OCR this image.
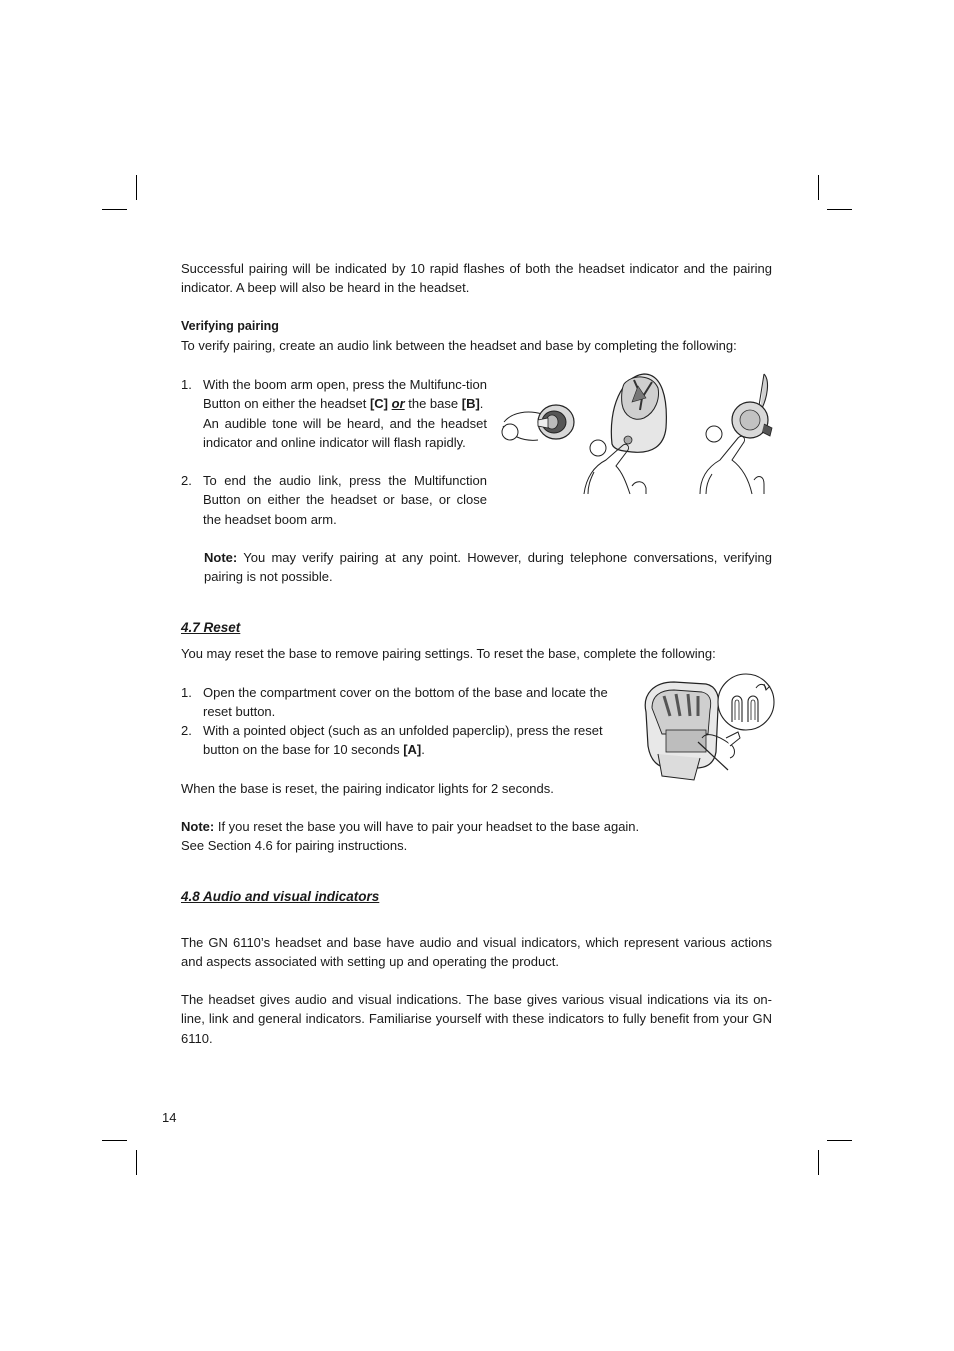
Successful pairing will be indicated by 10 rapid flashes of both the headset indicator and the pairing indicator. A beep will also be heard in the headset.

Verifying pairing

To verify pairing, create an audio link between the headset and base by completing the following:

1. With the boom arm open, press the Multifunc-tion Button on either the headset [C] or the base [B].
An audible tone will be heard, and the headset indicator and online indicator will flash rapidly.
2. To end the audio link, press the Multifunction Button on either the headset or base, or close the headset boom arm.

Note: You may verify pairing at any point. However, during telephone conversations, verifying pairing is not possible.

4.7 Reset

You may reset the base to remove pairing settings. To reset the base, complete the following:

1. Open the compartment cover on the bottom of the base and locate the reset button.
2. With a pointed object (such as an unfolded paperclip), press the reset button on the base for 10 seconds [A].

When the base is reset, the pairing indicator lights for 2 seconds.

Note: If you reset the base you will have to pair your headset to the base again.
See Section 4.6 for pairing instructions.
4.8 Audio and visual indicators

The GN 6110’s headset and base have audio and visual indicators, which represent various actions and aspects associated with setting up and operating the product.

The headset gives audio and visual indications. The base gives various visual indications via its on-line, link and general indicators. Familiarise yourself with these indicators to fully benefit from your GN 6110.

14
